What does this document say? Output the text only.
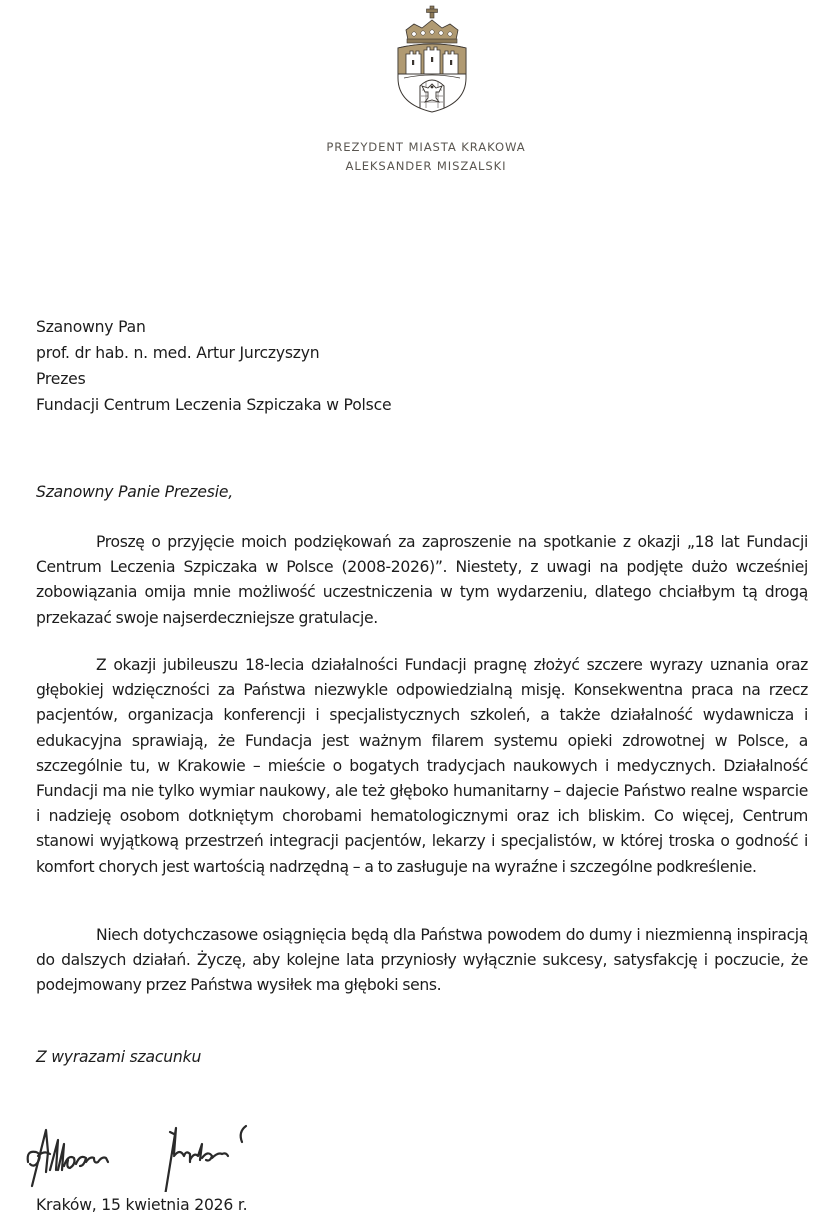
PREZYDENT MIASTA KRAKOWA
ALEKSANDER MISZALSKI
Szanowny Pan
prof. dr hab. n. med. Artur Jurczyszyn
Prezes
Fundacji Centrum Leczenia Szpiczaka w Polsce
Szanowny Panie Prezesie,

Proszę o przyjęcie moich podziękowań za zaproszenie na spotkanie z okazji „18 lat Fundacji Centrum Leczenia Szpiczaka w Polsce (2008-2026)”. Niestety, z uwagi na podjęte dużo wcześniej zobowiązania omija mnie możliwość uczestniczenia w tym wydarzeniu, dlatego chciałbym tą drogą przekazać swoje najserdeczniejsze gratulacje.

Z okazji jubileuszu 18-lecia działalności Fundacji pragnę złożyć szczere wyrazy uznania oraz głębokiej wdzięczności za Państwa niezwykle odpowiedzialną misję. Konsekwentna praca na rzecz pacjentów, organizacja konferencji i specjalistycznych szkoleń, a także działalność wydawnicza i edukacyjna sprawiają, że Fundacja jest ważnym filarem systemu opieki zdrowotnej w Polsce, a szczególnie tu, w Krakowie – mieście o bogatych tradycjach naukowych i medycznych. Działalność Fundacji ma nie tylko wymiar naukowy, ale też głęboko humanitarny – dajecie Państwo realne wsparcie i nadzieję osobom dotkniętym chorobami hematologicznymi oraz ich bliskim. Co więcej, Centrum stanowi wyjątkową przestrzeń integracji pacjentów, lekarzy i specjalistów, w której troska o godność i komfort chorych jest wartością nadrzędną – a to zasługuje na wyraźne i szczególne podkreślenie.

Niech dotychczasowe osiągnięcia będą dla Państwa powodem do dumy i niezmienną inspiracją do dalszych działań. Życzę, aby kolejne lata przyniosły wyłącznie sukcesy, satysfakcję i poczucie, że podejmowany przez Państwa wysiłek ma głęboki sens.

Z wyrazami szacunku
Kraków, 15 kwietnia 2026 r.
